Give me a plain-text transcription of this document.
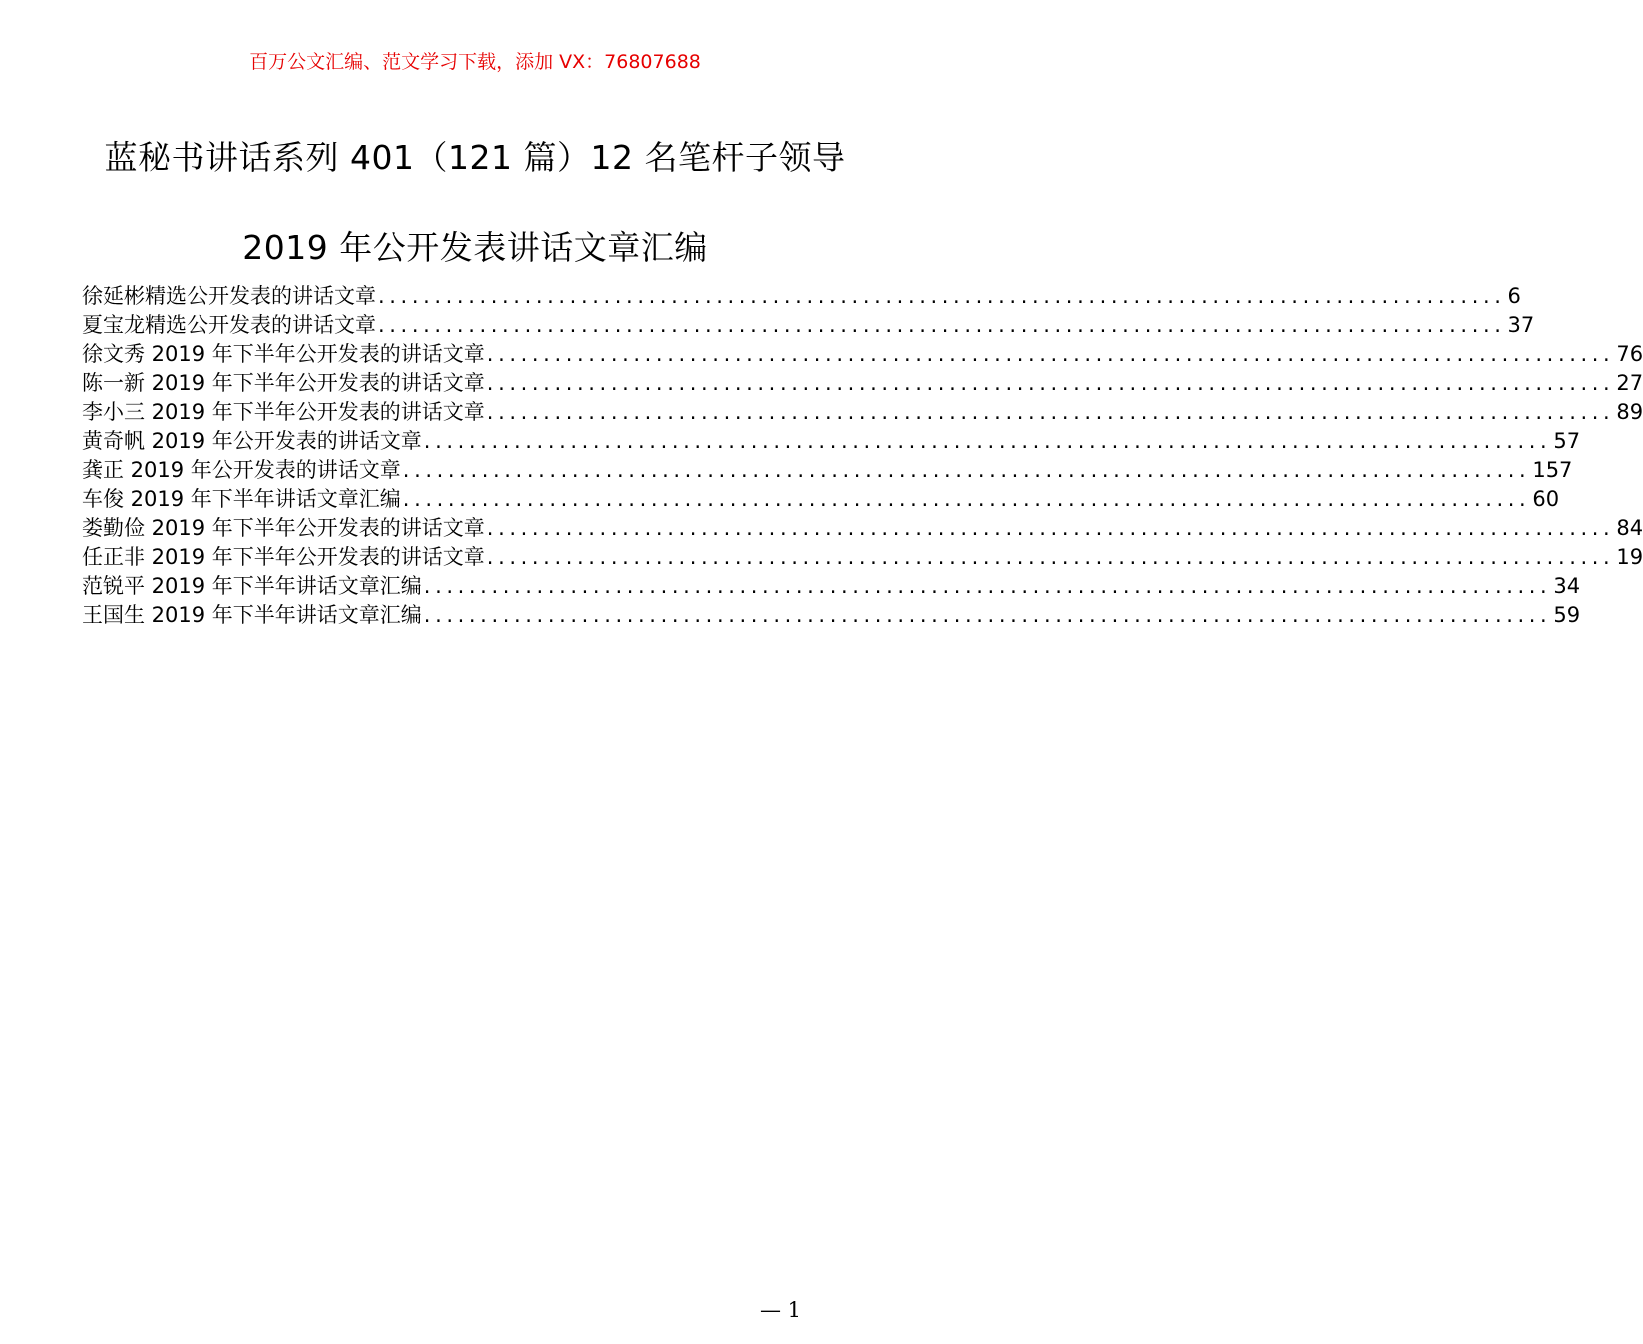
百万公文汇编、范文学习下载，添加 VX：76807688
蓝秘书讲话系列 401（121 篇）12 名笔杆子领导
2019 年公开发表讲话文章汇编
徐延彬精选公开发表的讲话文章 .................................................................................................... 6
夏宝龙精选公开发表的讲话文章 .................................................................................................... 37
徐文秀 2019 年下半年公开发表的讲话文章 .................................................................................................... 76
陈一新 2019 年下半年公开发表的讲话文章 .................................................................................................... 27
李小三 2019 年下半年公开发表的讲话文章 .................................................................................................... 89
黄奇帆 2019 年公开发表的讲话文章 .................................................................................................... 57
龚正 2019 年公开发表的讲话文章 .................................................................................................... 157
车俊 2019 年下半年讲话文章汇编 .................................................................................................... 60
娄勤俭 2019 年下半年公开发表的讲话文章 .................................................................................................... 84
任正非 2019 年下半年公开发表的讲话文章 .................................................................................................... 19
范锐平 2019 年下半年讲话文章汇编 .................................................................................................... 34
王国生 2019 年下半年讲话文章汇编 .................................................................................................... 59
— 1
